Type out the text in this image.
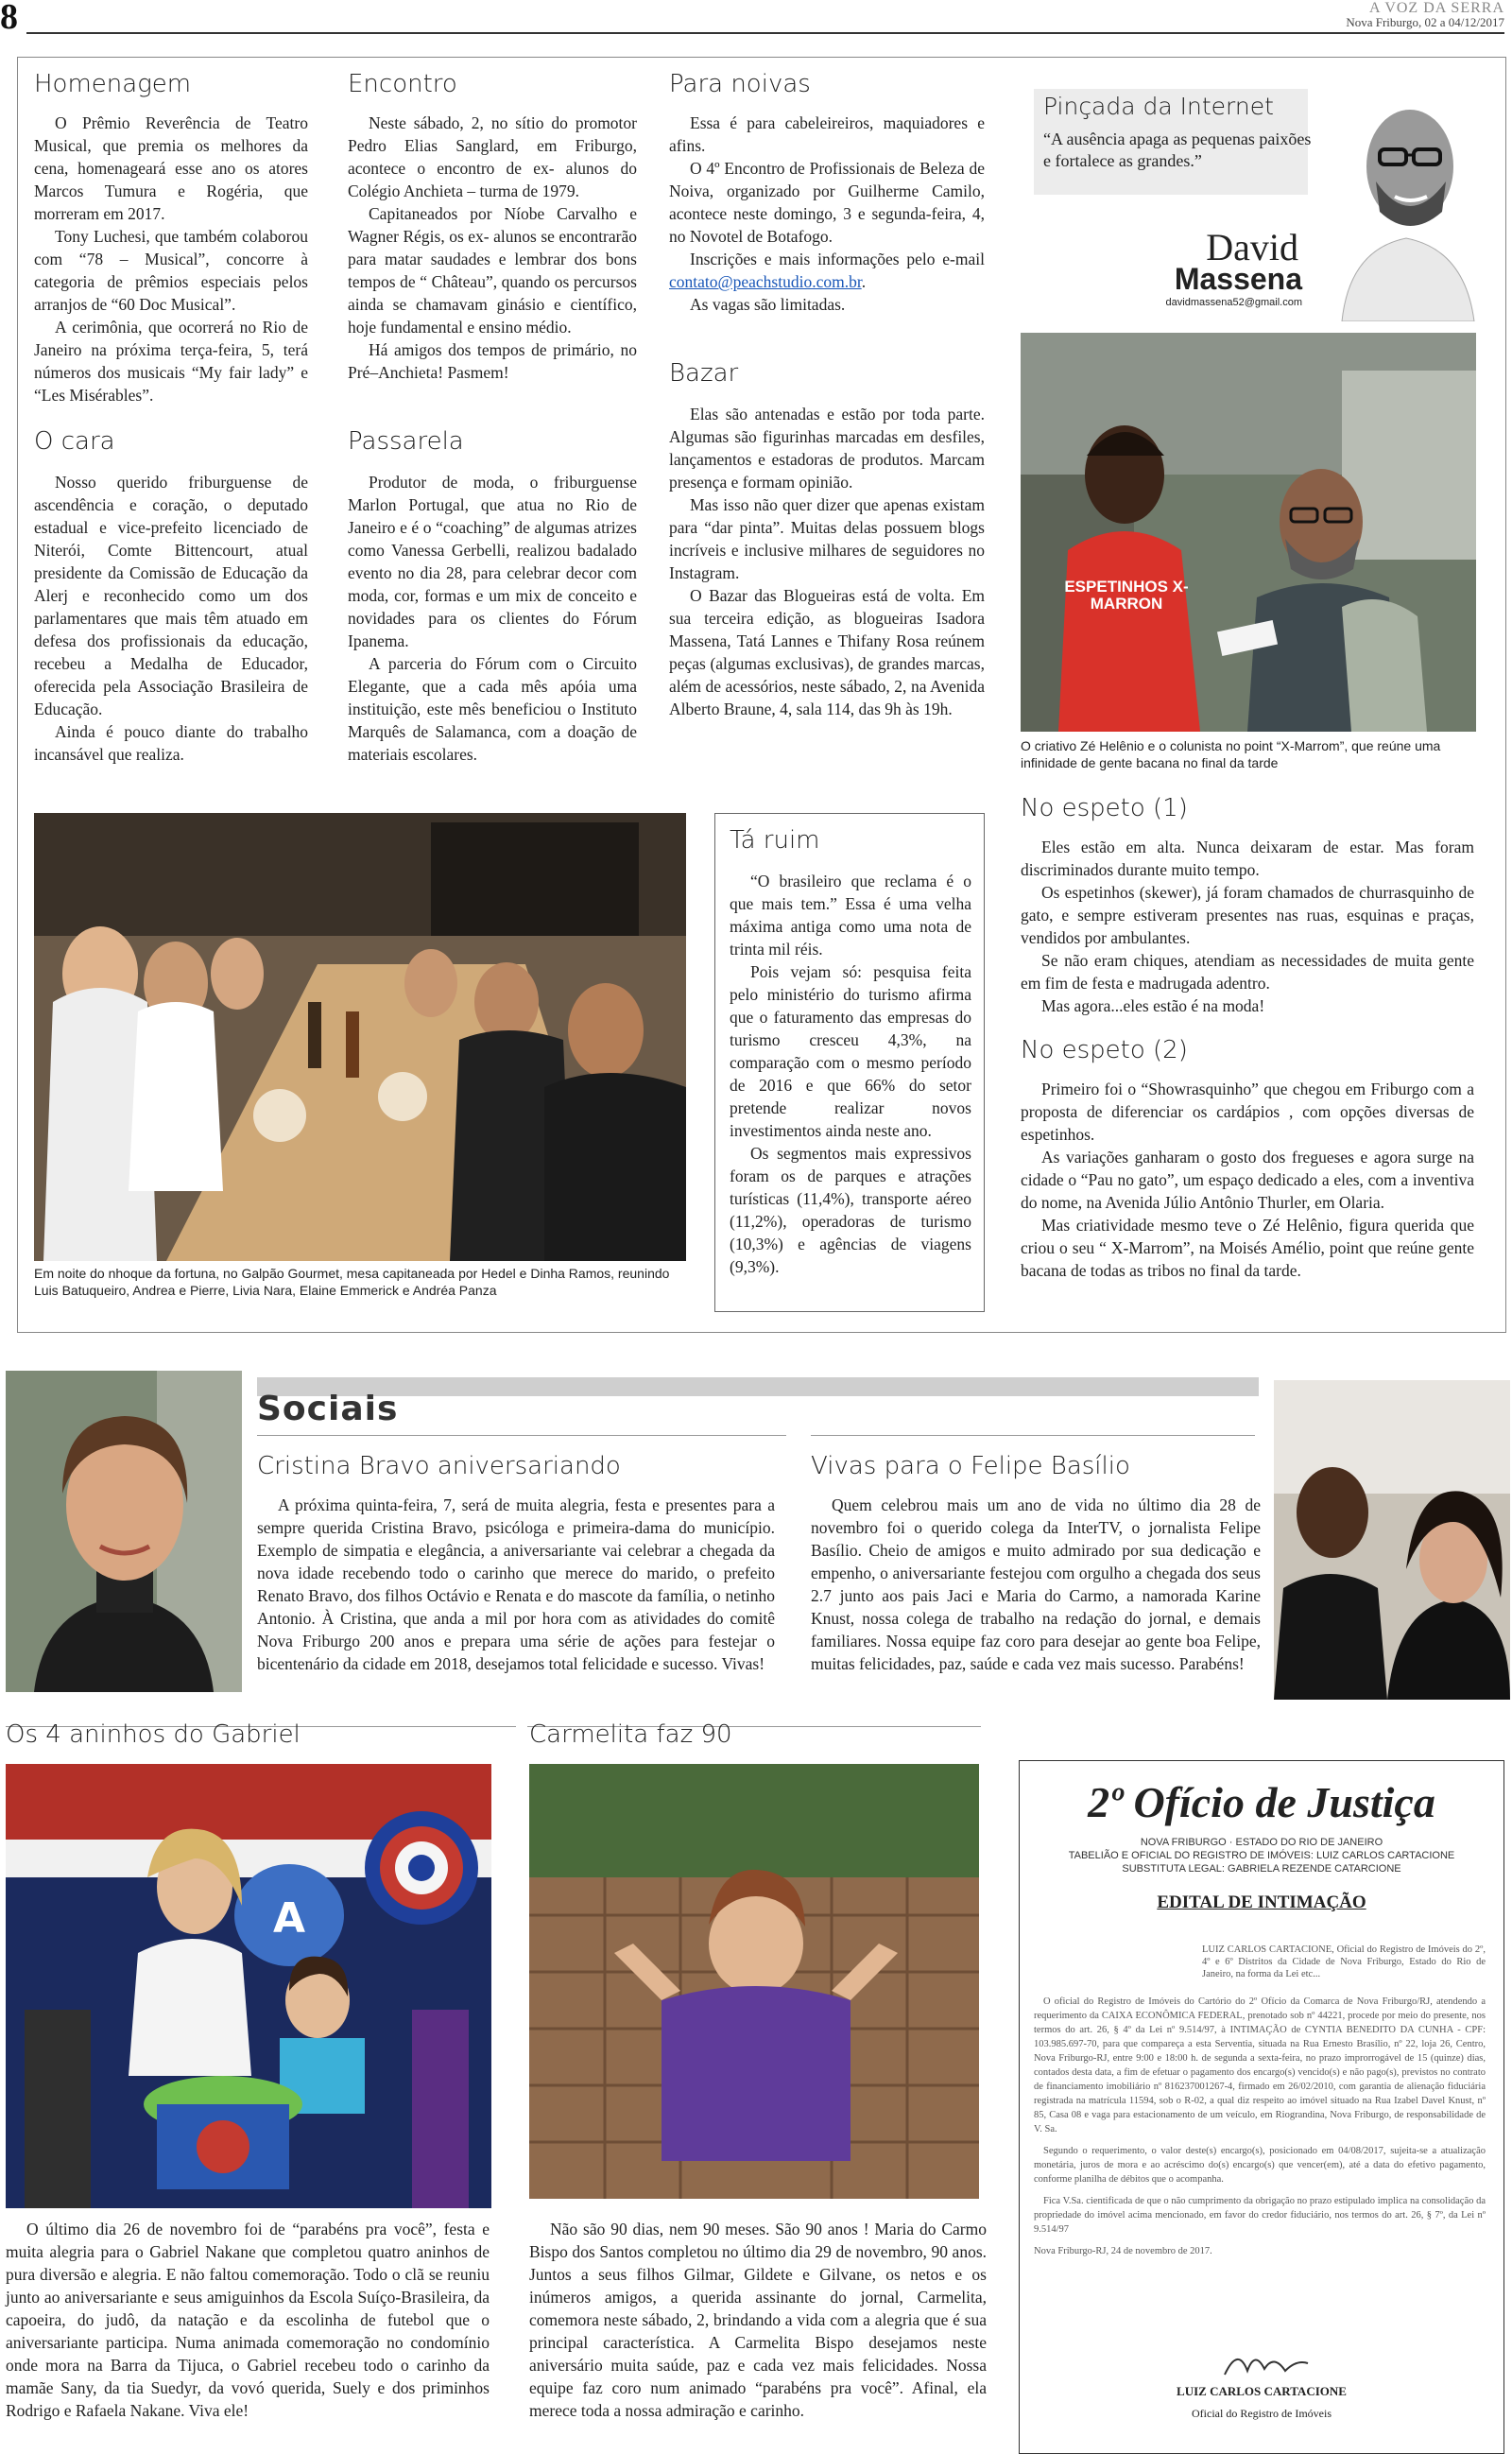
8	A VOZ DA SERRA
Nova Friburgo, 02 a 04/12/2017
Homenagem

O Prêmio Reverência de Teatro Musical, que premia os melhores da cena, homenageará esse ano os atores Marcos Tumura e Rogéria, que morreram em 2017.

Tony Luchesi, que também colaborou com “78 – Musical”, concorre à categoria de prêmios especiais pelos arranjos de “60 Doc Musical”.

A cerimônia, que ocorrerá no Rio de Janeiro na próxima terça-feira, 5, terá números dos musicais “My fair lady” e “Les Misérables”.

O cara

Nosso querido friburguense de ascendência e coração, o deputado estadual e vice-prefeito licenciado de Niterói, Comte Bittencourt, atual presidente da Comissão de Educação da Alerj e reconhecido como um dos parlamentares que mais têm atuado em defesa dos profissionais da educação, recebeu a Medalha de Educador, oferecida pela Associação Brasileira de Educação.

Ainda é pouco diante do trabalho incansável que realiza.

Encontro

Neste sábado, 2, no sítio do promotor Pedro Elias Sanglard, em Friburgo, acontece o encontro de ex- alunos do Colégio Anchieta – turma de 1979.

Capitaneados por Níobe Carvalho e Wagner Régis, os ex- alunos se encontrarão para matar saudades e lembrar dos bons tempos de “ Château”, quando os percursos ainda se chamavam ginásio e científico, hoje fundamental e ensino médio.

Há amigos dos tempos de primário, no Pré–Anchieta! Pasmem!

Passarela

Produtor de moda, o friburguense Marlon Portugal, que atua no Rio de Janeiro e é o “coaching” de algumas atrizes como Vanessa Gerbelli, realizou badalado evento no dia 28, para celebrar decor com moda, cor, formas e um mix de conceito e novidades para os clientes do Fórum Ipanema.

A parceria do Fórum com o Circuito Elegante, que a cada mês apóia uma instituição, este mês beneficiou o Instituto Marquês de Salamanca, com a doação de materiais escolares.

Para noivas

Essa é para cabeleireiros, maquiadores e afins.

O 4º Encontro de Profissionais de Beleza de Noiva, organizado por Guilherme Camilo, acontece neste domingo, 3 e segunda-feira, 4, no Novotel de Botafogo.

Inscrições e mais informações pelo e-mail contato@peachstudio.com.br.

As vagas são limitadas.

Bazar

Elas são antenadas e estão por toda parte. Algumas são figurinhas marcadas em desfiles, lançamentos e estadoras de produtos. Marcam presença e formam opinião.

Mas isso não quer dizer que apenas existam para “dar pinta”. Muitas delas possuem blogs incríveis e inclusive milhares de seguidores no Instagram.

O Bazar das Blogueiras está de volta. Em sua terceira edição, as blogueiras Isadora Massena, Tatá Lannes e Thifany Rosa reúnem peças (algumas exclusivas), de grandes marcas, além de acessórios, neste sábado, 2, na Avenida Alberto Braune, 4, sala 114, das 9h às 19h.

Pinçada da Internet
“A ausência apaga as pequenas paixões e fortalece as grandes.”
David
Massena
davidmassena52@gmail.com
ESPETINHOS X-MARRON
O criativo Zé Helênio e o colunista no point “X-Marrom”, que reúne uma infinidade de gente bacana no final da tarde
No espeto (1)

Eles estão em alta. Nunca deixaram de estar. Mas foram discriminados durante muito tempo.

Os espetinhos (skewer), já foram chamados de churrasquinho de gato, e sempre estiveram presentes nas ruas, esquinas e praças, vendidos por ambulantes.

Se não eram chiques, atendiam as necessidades de muita gente em fim de festa e madrugada adentro.

Mas agora...eles estão é na moda!

No espeto (2)

Primeiro foi o “Showrasquinho” que chegou em Friburgo com a proposta de diferenciar os cardápios , com opções diversas de espetinhos.

As variações ganharam o gosto dos fregueses e agora surge na cidade o “Pau no gato”, um espaço dedicado a eles, com a inventiva do nome, na Avenida Júlio Antônio Thurler, em Olaria.

Mas criatividade mesmo teve o Zé Helênio, figura querida que criou o seu “ X-Marrom”, na Moisés Amélio, point que reúne gente bacana de todas as tribos no final da tarde.

Em noite do nhoque da fortuna, no Galpão Gourmet, mesa capitaneada por Hedel e Dinha Ramos, reunindo Luis Batuqueiro, Andrea e Pierre, Livia Nara, Elaine Emmerick e Andréa Panza
Tá ruim

“O brasileiro que reclama é o que mais tem.” Essa é uma velha máxima antiga como uma nota de trinta mil réis.

Pois vejam só: pesquisa feita pelo ministério do turismo afirma que o faturamento das empresas do turismo cresceu 4,3%, na comparação com o mesmo período de 2016 e que 66% do setor pretende realizar novos investimentos ainda neste ano.

Os segmentos mais expressivos foram os de parques e atrações turísticas (11,4%), transporte aéreo (11,2%), operadoras de turismo (10,3%) e agências de viagens (9,3%).

Sociais
Cristina Bravo aniversariando

A próxima quinta-feira, 7, será de muita alegria, festa e presentes para a sempre querida Cristina Bravo, psicóloga e primeira-dama do município. Exemplo de simpatia e elegância, a aniversariante vai celebrar a chegada da nova idade recebendo todo o carinho que merece do marido, o prefeito Renato Bravo, dos filhos Octávio e Renata e do mascote da família, o netinho Antonio. À Cristina, que anda a mil por hora com as atividades do comitê Nova Friburgo 200 anos e prepara uma série de ações para festejar o bicentenário da cidade em 2018, desejamos total felicidade e sucesso. Vivas!

Vivas para o Felipe Basílio

Quem celebrou mais um ano de vida no último dia 28 de novembro foi o querido colega da InterTV, o jornalista Felipe Basílio. Cheio de amigos e muito admirado por sua dedicação e empenho, o aniversariante festejou com orgulho a chegada dos seus 2.7 junto aos pais Jaci e Maria do Carmo, a namorada Karine Knust, nossa colega de trabalho na redação do jornal, e demais familiares. Nossa equipe faz coro para desejar ao gente boa Felipe, muitas felicidades, paz, saúde e cada vez mais sucesso. Parabéns!

Os 4 aninhos do Gabriel
A

O último dia 26 de novembro foi de “parabéns pra você”, festa e muita alegria para o Gabriel Nakane que completou quatro aninhos de pura diversão e alegria. E não faltou comemoração. Todo o clã se reuniu junto ao aniversariante e seus amiguinhos da Escola Suíço-Brasileira, da capoeira, do judô, da natação e da escolinha de futebol que o aniversariante participa. Numa animada comemoração no condomínio onde mora na Barra da Tijuca, o Gabriel recebeu todo o carinho da mamãe Sany, da tia Suedyr, da vovó querida, Suely e dos priminhos Rodrigo e Rafaela Nakane. Viva ele!

Carmelita faz 90

Não são 90 dias, nem 90 meses. São 90 anos ! Maria do Carmo Bispo dos Santos completou no último dia 29 de novembro, 90 anos. Juntos a seus filhos Gilmar, Gildete e Gilvane, os netos e os inúmeros amigos, a querida assinante do jornal, Carmelita, comemora neste sábado, 2, brindando a vida com a alegria que é sua principal característica. A Carmelita Bispo desejamos neste aniversário muita saúde, paz e cada vez mais felicidades. Nossa equipe faz coro num animado “parabéns pra você”. Afinal, ela merece toda a nossa admiração e carinho.

2º Ofício de Justiça
NOVA FRIBURGO · ESTADO DO RIO DE JANEIRO
TABELIÃO E OFICIAL DO REGISTRO DE IMÓVEIS: LUIZ CARLOS CARTACIONE
SUBSTITUTA LEGAL: GABRIELA REZENDE CATARCIONE
EDITAL DE INTIMAÇÃO
LUIZ CARLOS CARTACIONE, Oficial do Registro de Imóveis do 2º, 4º e 6º Distritos da Cidade de Nova Friburgo, Estado do Rio de Janeiro, na forma da Lei etc...

O oficial do Registro de Imóveis do Cartório do 2º Ofício da Comarca de Nova Friburgo/RJ, atendendo a requerimento da CAIXA ECONÔMICA FEDERAL, prenotado sob nº 44221, procede por meio do presente, nos termos do art. 26, § 4º da Lei nº 9.514/97, à INTIMAÇÃO de CYNTIA BENEDITO DA CUNHA - CPF: 103.985.697-70, para que compareça a esta Serventia, situada na Rua Ernesto Brasílio, nº 22, loja 26, Centro, Nova Friburgo-RJ, entre 9:00 e 18:00 h. de segunda a sexta-feira, no prazo improrrogável de 15 (quinze) dias, contados desta data, a fim de efetuar o pagamento dos encargo(s) vencido(s) e não pago(s), previstos no contrato de financiamento imobiliário nº 816237001267-4, firmado em 26/02/2010, com garantia de alienação fiduciária registrada na matrícula 11594, sob o R-02, a qual diz respeito ao imóvel situado na Rua Izabel Davel Knust, nº 85, Casa 08 e vaga para estacionamento de um veículo, em Riograndina, Nova Friburgo, de responsabilidade de V. Sa.

Segundo o requerimento, o valor deste(s) encargo(s), posicionado em 04/08/2017, sujeita-se a atualização monetária, juros de mora e ao acréscimo do(s) encargo(s) que vencer(em), até a data do efetivo pagamento, conforme planilha de débitos que o acompanha.

Fica V.Sa. cientificada de que o não cumprimento da obrigação no prazo estipulado implica na consolidação da propriedade do imóvel acima mencionado, em favor do credor fiduciário, nos termos do art. 26, § 7º, da Lei nº 9.514/97

Nova Friburgo-RJ, 24 de novembro de 2017.

LUIZ CARLOS CARTACIONE
Oficial do Registro de Imóveis
